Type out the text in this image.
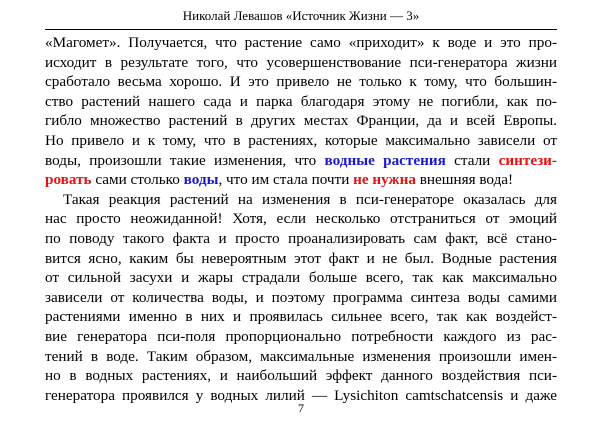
Николай Левашов «Источник Жизни — 3»
«Магомет». Получается, что растение само «приходит» к воде и это про-
исходит в результате того, что усовершенствование пси-генератора жизни
сработало весьма хорошо. И это привело не только к тому, что большин-
ство растений нашего сада и парка благодаря этому не погибли, как по-
гибло множество растений в других местах Франции, да и всей Европы.
Но привело и к тому, что в растениях, которые максимально зависели от
воды, произошли такие изменения, что водные растения стали синтези-
ровать сами столько воды, что им стала почти не нужна внешняя вода!
Такая реакция растений на изменения в пси-генераторе оказалась для
нас просто неожиданной! Хотя, если несколько отстраниться от эмоций
по поводу такого факта и просто проанализировать сам факт, всё стано-
вится ясно, каким бы невероятным этот факт и не был. Водные растения
от сильной засухи и жары страдали больше всего, так как максимально
зависели от количества воды, и поэтому программа синтеза воды самими
растениями именно в них и проявилась сильнее всего, так как воздейст-
вие генератора пси-поля пропорциональнo потребности каждого из рас-
тений в воде. Таким образом, максимальные изменения произошли имен-
но в водных растениях, и наибольший эффект данного воздействия пси-
генератора проявился у водных лилий — Lysichiton camtschatcensis и даже
7
